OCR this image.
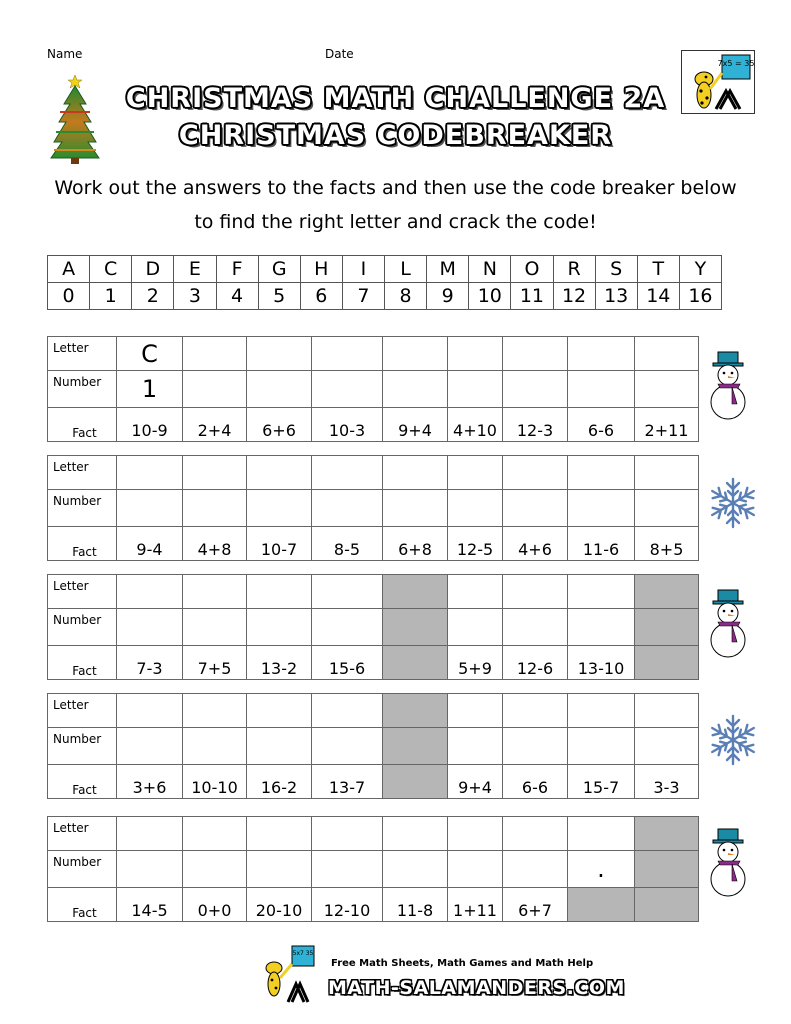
Name	Date
7x5 = 35
CHRISTMAS MATH CHALLENGE 2A
CHRISTMAS CODEBREAKER
Work out the answers to the facts and then use the code breaker below
to find the right letter and crack the code!
A	C	D	E	F	G	H	I	L	M	N	O	R	S	T	Y
0	1	2	3	4	5	6	7	8	9	10	11	12	13	14	16
Letter	C								
Number	1								
Fact	10-9	2+4	6+6	10-3	9+4	4+10	12-3	6-6	2+11
Letter									
Number									
Fact	9-4	4+8	10-7	8-5	6+8	12-5	4+6	11-6	8+5
Letter									
Number									
Fact	7-3	7+5	13-2	15-6		5+9	12-6	13-10	
Letter									
Number									
Fact	3+6	10-10	16-2	13-7		9+4	6-6	15-7	3-3
Letter									
Number								.	
Fact	14-5	0+0	20-10	12-10	11-8	1+11	6+7		
5x7 35
Free Math Sheets, Math Games and Math Help
MATH-SALAMANDERS.COM
